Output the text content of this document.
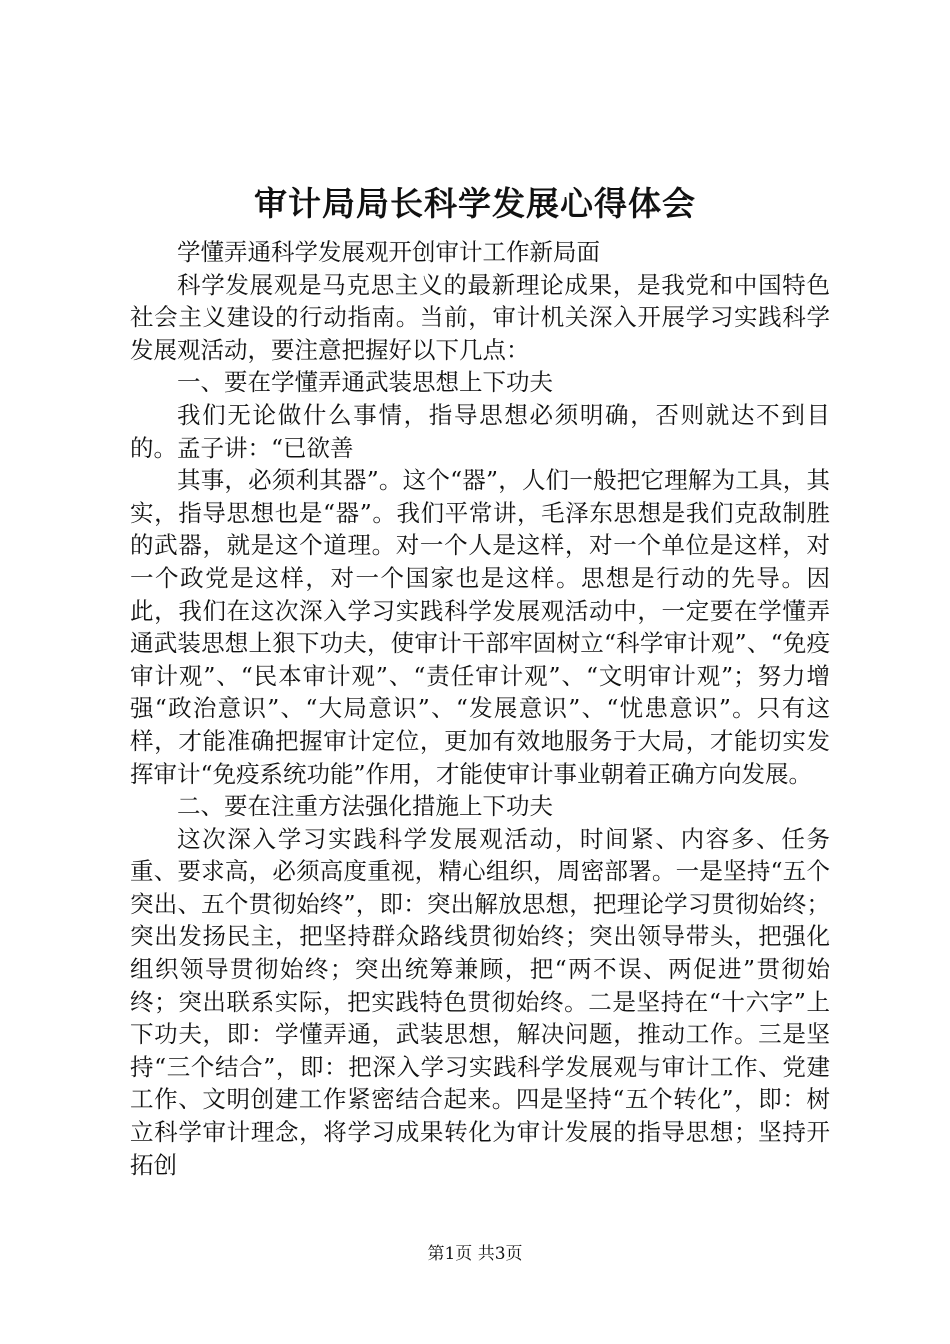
审计局局长科学发展心得体会

学懂弄通科学发展观开创审计工作新局面

科学发展观是马克思主义的最新理论成果，是我党和中国特色社会主义建设的行动指南。当前，审计机关深入开展学习实践科学发展观活动，要注意把握好以下几点：

一、要在学懂弄通武装思想上下功夫

我们无论做什么事情，指导思想必须明确，否则就达不到目的。孟子讲：“已欲善

其事，必须利其器”。这个“器”，人们一般把它理解为工具，其实，指导思想也是“器”。我们平常讲，毛泽东思想是我们克敌制胜的武器，就是这个道理。对一个人是这样，对一个单位是这样，对一个政党是这样，对一个国家也是这样。思想是行动的先导。因此，我们在这次深入学习实践科学发展观活动中，一定要在学懂弄通武装思想上狠下功夫，使审计干部牢固树立“科学审计观”、“免疫审计观”、“民本审计观”、“责任审计观”、“文明审计观”；努力增强“政治意识”、“大局意识”、“发展意识”、“忧患意识”。只有这样，才能准确把握审计定位，更加有效地服务于大局，才能切实发挥审计“免疫系统功能”作用，才能使审计事业朝着正确方向发展。

二、要在注重方法强化措施上下功夫

这次深入学习实践科学发展观活动，时间紧、内容多、任务重、要求高，必须高度重视，精心组织，周密部署。一是坚持“五个突出、五个贯彻始终”，即：突出解放思想，把理论学习贯彻始终；突出发扬民主，把坚持群众路线贯彻始终；突出领导带头，把强化组织领导贯彻始终；突出统筹兼顾，把“两不误、两促进”贯彻始终；突出联系实际，把实践特色贯彻始终。二是坚持在“十六字”上下功夫，即：学懂弄通，武装思想，解决问题，推动工作。三是坚持“三个结合”，即：把深入学习实践科学发展观与审计工作、党建工作、文明创建工作紧密结合起来。四是坚持“五个转化”，即：树立科学审计理念，将学习成果转化为审计发展的指导思想；坚持开拓创

第1页 共3页
